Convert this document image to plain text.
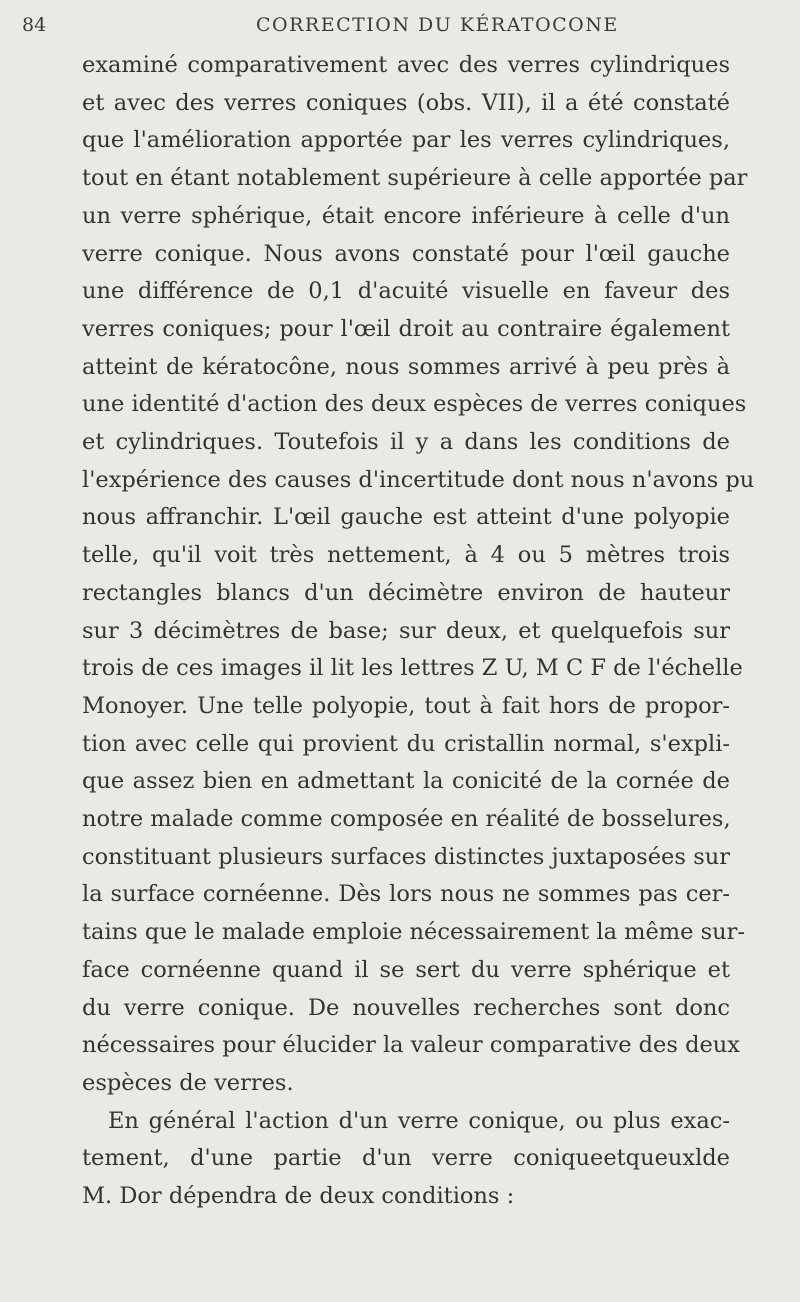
84	CORRECTION DU KÉRATOCONE
examiné comparativement avec des verres cylindriques
et avec des verres coniques (obs. VII), il a été constaté
que l'amélioration apportée par les verres cylindriques,
tout en étant notablement supérieure à celle apportée par
un verre sphérique, était encore inférieure à celle d'un
verre conique. Nous avons constaté pour l'œil gauche
une différence de 0,1 d'acuité visuelle en faveur des
verres coniques; pour l'œil droit au contraire également
atteint de kératocône, nous sommes arrivé à peu près à
une identité d'action des deux espèces de verres coniques
et cylindriques. Toutefois il y a dans les conditions de
l'expérience des causes d'incertitude dont nous n'avons pu
nous affranchir. L'œil gauche est atteint d'une polyopie
telle, qu'il voit très nettement, à 4 ou 5 mètres trois
rectangles blancs d'un décimètre environ de hauteur
sur 3 décimètres de base; sur deux, et quelquefois sur
trois de ces images il lit les lettres Z U, M C F de l'échelle
Monoyer. Une telle polyopie, tout à fait hors de propor-
tion avec celle qui provient du cristallin normal, s'expli-
que assez bien en admettant la conicité de la cornée de
notre malade comme composée en réalité de bosselures,
constituant plusieurs surfaces distinctes juxtaposées sur
la surface cornéenne. Dès lors nous ne sommes pas cer-
tains que le malade emploie nécessairement la même sur-
face cornéenne quand il se sert du verre sphérique et
du verre conique. De nouvelles recherches sont donc
nécessaires pour élucider la valeur comparative des deux
espèces de verres.
En général l'action d'un verre conique, ou plus exac-
tement, d'une partie d'un verre coniqueetqueuxlde
M. Dor dépendra de deux conditions :
